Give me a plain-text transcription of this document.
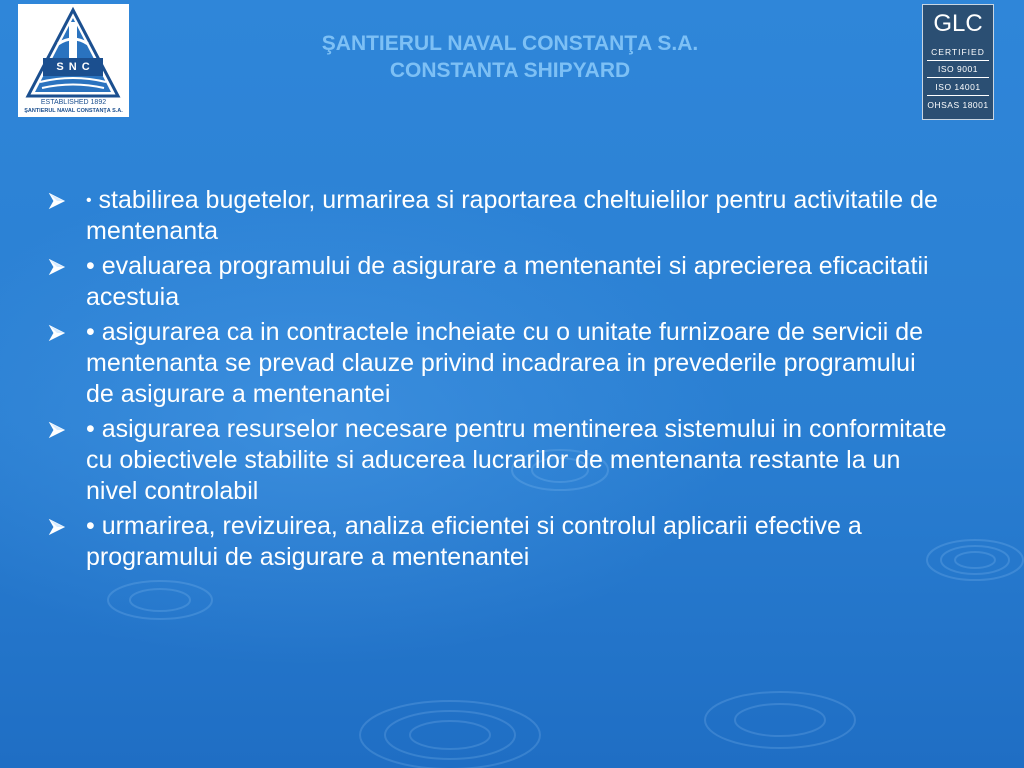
S N C
ESTABLISHED 1892
ŞANTIERUL NAVAL CONSTANŢA S.A.
ŞANTIERUL NAVAL CONSTANŢA S.A.
CONSTANTA SHIPYARD
GLC
CERTIFIED
ISO 9001
ISO 14001
OHSAS 18001
• stabilirea bugetelor, urmarirea si raportarea cheltuielilor pentru activitatile de mentenanta
• evaluarea programului de asigurare a mentenantei si aprecierea eficacitatii acestuia
• asigurarea ca in contractele incheiate cu o unitate furnizoare de servicii de mentenanta se prevad clauze privind incadrarea in prevederile programului de asigurare a mentenantei
• asigurarea resurselor necesare pentru mentinerea sistemului in conformitate cu obiectivele stabilite si aducerea lucrarilor de mentenanta restante la un nivel controlabil
• urmarirea, revizuirea, analiza eficientei si controlul aplicarii efective a programului de asigurare a mentenantei
